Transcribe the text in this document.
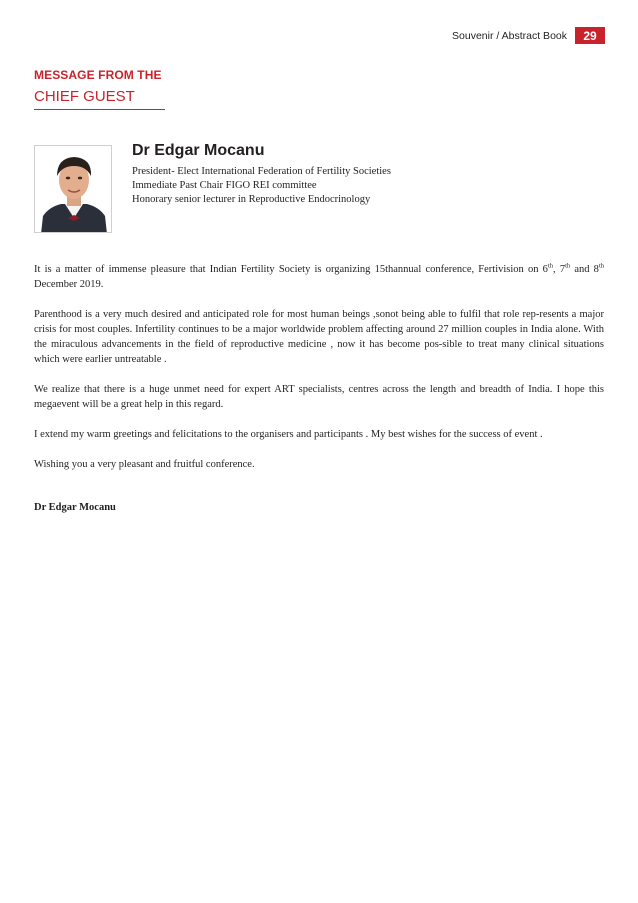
Souvenir / Abstract Book	29
MESSAGE FROM THE
CHIEF GUEST
Dr Edgar Mocanu
President- Elect International Federation of Fertility Societies
Immediate Past Chair FIGO REI committee
Honorary senior lecturer in Reproductive Endocrinology

It is a matter of immense pleasure that Indian Fertility Society is organizing 15thannual conference, Fertivision on 6th, 7th and 8th December 2019.

Parenthood is a very much desired and anticipated role for most human beings ,sonot being able to fulfil that role rep-resents a major crisis for most couples. Infertility continues to be a major worldwide problem affecting around 27 million couples in India alone. With the miraculous advancements in the field of reproductive medicine , now it has become pos-sible to treat many clinical situations which were earlier untreatable .

We realize that there is a huge unmet need for expert ART specialists, centres across the length and breadth of India. I hope this megaevent will be a great help in this regard.

I extend my warm greetings and felicitations to the organisers and participants . My best wishes for the success of event .

Wishing you a very pleasant and fruitful conference.

Dr Edgar Mocanu
